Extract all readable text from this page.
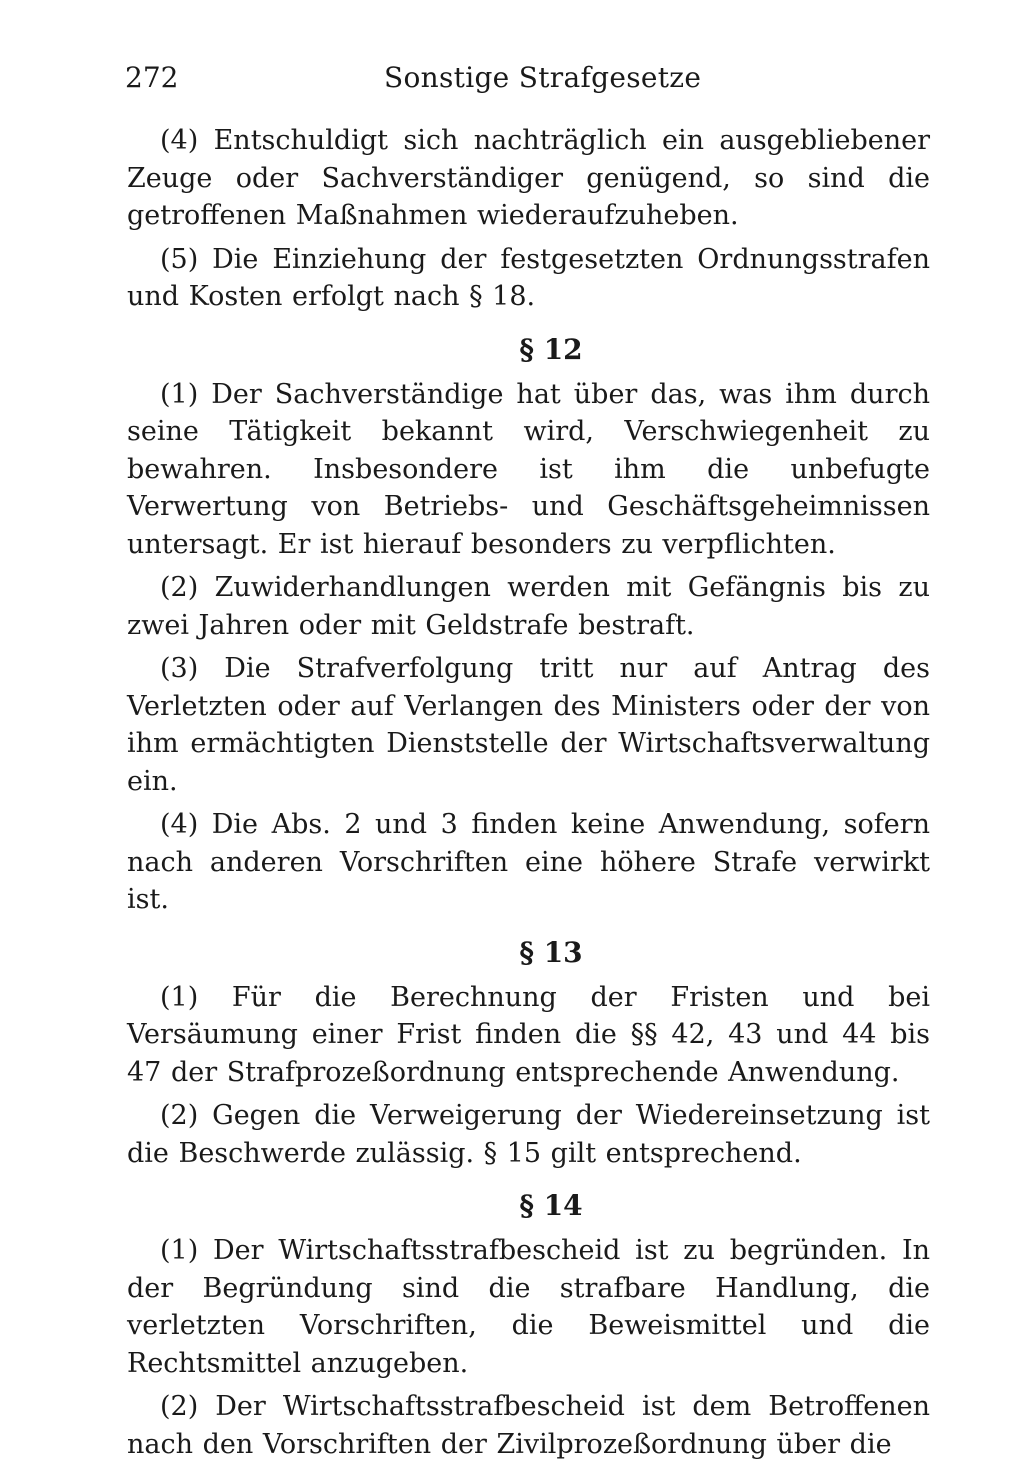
272	Sonstige Strafgesetze

(4) Entschuldigt sich nachträglich ein ausgebliebener Zeuge oder Sachverständiger genügend, so sind die getroffenen Maßnahmen wiederaufzuheben.

(5) Die Einziehung der festgesetzten Ordnungsstrafen und Kosten erfolgt nach § 18.

§ 12

(1) Der Sachverständige hat über das, was ihm durch seine Tätigkeit bekannt wird, Verschwiegenheit zu bewahren. Insbesondere ist ihm die unbefugte Verwertung von Betriebs- und Geschäftsgeheimnissen untersagt. Er ist hierauf besonders zu verpflichten.

(2) Zuwiderhandlungen werden mit Gefängnis bis zu zwei Jahren oder mit Geldstrafe bestraft.

(3) Die Strafverfolgung tritt nur auf Antrag des Verletzten oder auf Verlangen des Ministers oder der von ihm ermächtigten Dienststelle der Wirtschaftsverwaltung ein.

(4) Die Abs. 2 und 3 finden keine Anwendung, sofern nach anderen Vorschriften eine höhere Strafe verwirkt ist.

§ 13

(1) Für die Berechnung der Fristen und bei Versäumung einer Frist finden die §§ 42, 43 und 44 bis 47 der Strafprozeßordnung entsprechende Anwendung.

(2) Gegen die Verweigerung der Wiedereinsetzung ist die Beschwerde zulässig. § 15 gilt entsprechend.

§ 14

(1) Der Wirtschaftsstrafbescheid ist zu begründen. In der Begründung sind die strafbare Handlung, die verletzten Vorschriften, die Beweismittel und die Rechtsmittel anzugeben.

(2) Der Wirtschaftsstrafbescheid ist dem Betroffenen nach den Vorschriften der Zivilprozeßordnung über die
